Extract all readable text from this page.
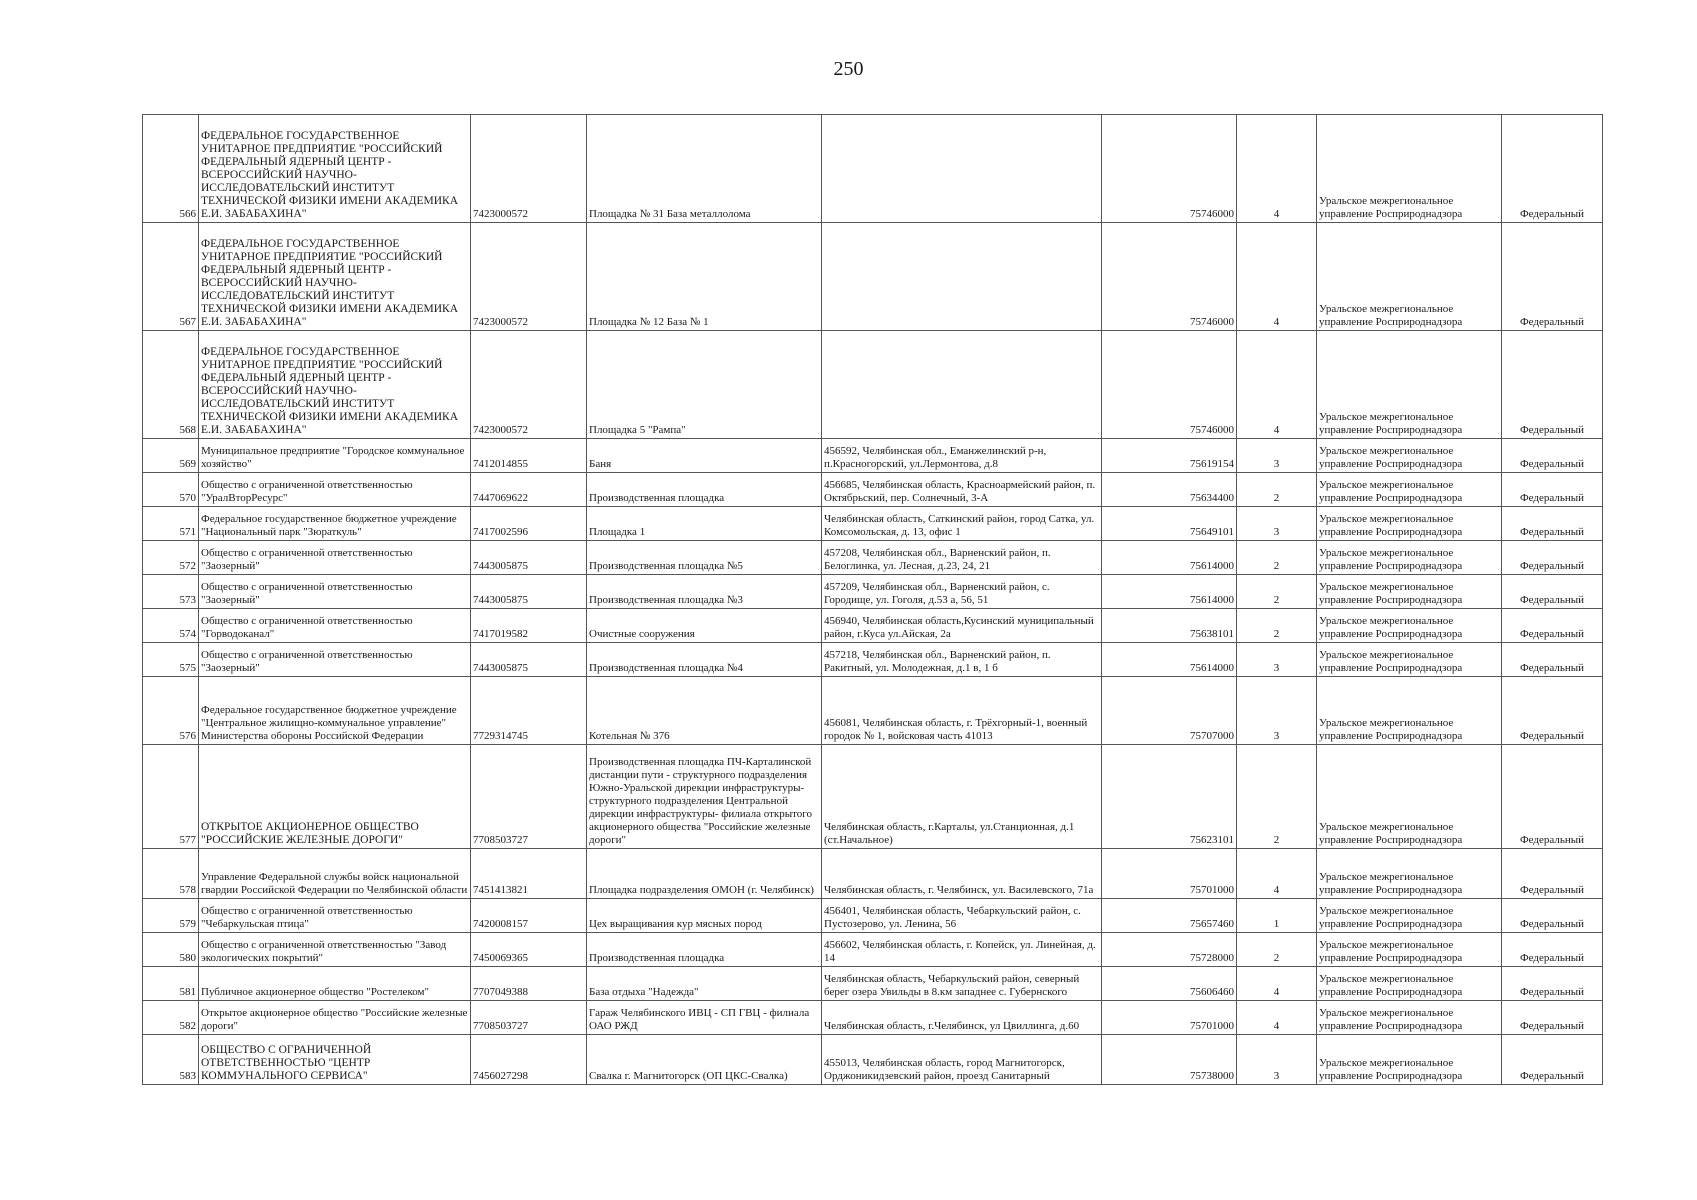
250
566	ФЕДЕРАЛЬНОЕ ГОСУДАРСТВЕННОЕ УНИТАРНОЕ ПРЕДПРИЯТИЕ "РОССИЙСКИЙ ФЕДЕРАЛЬНЫЙ ЯДЕРНЫЙ ЦЕНТР - ВСЕРОССИЙСКИЙ НАУЧНО-ИССЛЕДОВАТЕЛЬСКИЙ ИНСТИТУТ ТЕХНИЧЕСКОЙ ФИЗИКИ ИМЕНИ АКАДЕМИКА Е.И. ЗАБАБАХИНА"	7423000572	Площадка № 31 База металлолома		75746000	4	Уральское межрегиональное управление Росприроднадзора	Федеральный
567	ФЕДЕРАЛЬНОЕ ГОСУДАРСТВЕННОЕ УНИТАРНОЕ ПРЕДПРИЯТИЕ "РОССИЙСКИЙ ФЕДЕРАЛЬНЫЙ ЯДЕРНЫЙ ЦЕНТР - ВСЕРОССИЙСКИЙ НАУЧНО-ИССЛЕДОВАТЕЛЬСКИЙ ИНСТИТУТ ТЕХНИЧЕСКОЙ ФИЗИКИ ИМЕНИ АКАДЕМИКА Е.И. ЗАБАБАХИНА"	7423000572	Площадка № 12 База № 1		75746000	4	Уральское межрегиональное управление Росприроднадзора	Федеральный
568	ФЕДЕРАЛЬНОЕ ГОСУДАРСТВЕННОЕ УНИТАРНОЕ ПРЕДПРИЯТИЕ "РОССИЙСКИЙ ФЕДЕРАЛЬНЫЙ ЯДЕРНЫЙ ЦЕНТР - ВСЕРОССИЙСКИЙ НАУЧНО-ИССЛЕДОВАТЕЛЬСКИЙ ИНСТИТУТ ТЕХНИЧЕСКОЙ ФИЗИКИ ИМЕНИ АКАДЕМИКА Е.И. ЗАБАБАХИНА"	7423000572	Площадка 5 "Рампа"		75746000	4	Уральское межрегиональное управление Росприроднадзора	Федеральный
569	Муниципальное предприятие "Городское коммунальное хозяйство"	7412014855	Баня	456592, Челябинская обл., Еманжелинский р-н, п.Красногорский, ул.Лермонтова, д.8	75619154	3	Уральское межрегиональное управление Росприроднадзора	Федеральный
570	Общество с ограниченной ответственностью "УралВторРесурс"	7447069622	Производственная площадка	456685, Челябинская область, Красноармейский район, п. Октябрьский, пер. Солнечный, 3-А	75634400	2	Уральское межрегиональное управление Росприроднадзора	Федеральный
571	Федеральное государственное бюджетное учреждение "Национальный парк "Зюраткуль"	7417002596	Площадка 1	Челябинская область, Саткинский район, город Сатка, ул. Комсомольская, д. 13, офис 1	75649101	3	Уральское межрегиональное управление Росприроднадзора	Федеральный
572	Общество с ограниченной ответственностью "Заозерный"	7443005875	Производственная площадка №5	457208, Челябинская обл., Варненский район, п. Белоглинка, ул. Лесная, д.23, 24, 21	75614000	2	Уральское межрегиональное управление Росприроднадзора	Федеральный
573	Общество с ограниченной ответственностью "Заозерный"	7443005875	Производственная площадка №3	457209, Челябинская обл., Варненский район, с. Городище, ул. Гоголя, д.53 а, 56, 51	75614000	2	Уральское межрегиональное управление Росприроднадзора	Федеральный
574	Общество с ограниченной ответственностью "Горводоканал"	7417019582	Очистные сооружения	456940, Челябинская область,Кусинский муниципальный район, г.Куса ул.Айская, 2а	75638101	2	Уральское межрегиональное управление Росприроднадзора	Федеральный
575	Общество с ограниченной ответственностью "Заозерный"	7443005875	Производственная площадка №4	457218, Челябинская обл., Варненский район, п. Ракитный, ул. Молодежная, д.1 в, 1 б	75614000	3	Уральское межрегиональное управление Росприроднадзора	Федеральный
576	Федеральное государственное бюджетное учреждение "Центральное жилищно-коммунальное управление" Министерства обороны Российской Федерации	7729314745	Котельная № 376	456081, Челябинская область, г. Трёхгорный-1, военный городок № 1, войсковая часть 41013	75707000	3	Уральское межрегиональное управление Росприроднадзора	Федеральный
577	ОТКРЫТОЕ АКЦИОНЕРНОЕ ОБЩЕСТВО "РОССИЙСКИЕ ЖЕЛЕЗНЫЕ ДОРОГИ"	7708503727	Производственная площадка ПЧ-Карталинской дистанции пути - структурного подразделения Южно-Уральской дирекции инфраструктуры-структурного подразделения Центральной дирекции инфраструктуры- филиала открытого акционерного общества "Российские железные дороги"	Челябинская область, г.Карталы, ул.Станционная, д.1 (ст.Начальное)	75623101	2	Уральское межрегиональное управление Росприроднадзора	Федеральный
578	Управление Федеральной службы войск национальной гвардии Российской Федерации по Челябинской области	7451413821	Площадка подразделения ОМОН (г. Челябинск)	Челябинская область, г. Челябинск, ул. Василевского, 71а	75701000	4	Уральское межрегиональное управление Росприроднадзора	Федеральный
579	Общество с ограниченной ответственностью "Чебаркульская птица"	7420008157	Цех выращивания кур мясных пород	456401, Челябинская область, Чебаркульский район, с. Пустозерово, ул. Ленина, 56	75657460	1	Уральское межрегиональное управление Росприроднадзора	Федеральный
580	Общество с ограниченной ответственностью "Завод экологических покрытий"	7450069365	Производственная площадка	456602, Челябинская область, г. Копейск, ул. Линейная, д. 14	75728000	2	Уральское межрегиональное управление Росприроднадзора	Федеральный
581	Публичное акционерное общество "Ростелеком"	7707049388	База отдыха "Надежда"	Челябинская область, Чебаркульский район, северный берег озера Увильды в 8.км западнее с. Губернского	75606460	4	Уральское межрегиональное управление Росприроднадзора	Федеральный
582	Открытое акционерное общество "Российские железные дороги"	7708503727	Гараж Челябинского ИВЦ - СП ГВЦ - филиала ОАО РЖД	Челябинская область, г.Челябинск, ул Цвиллинга, д.60	75701000	4	Уральское межрегиональное управление Росприроднадзора	Федеральный
583	ОБЩЕСТВО С ОГРАНИЧЕННОЙ ОТВЕТСТВЕННОСТЬЮ "ЦЕНТР КОММУНАЛЬНОГО СЕРВИСА"	7456027298	Свалка г. Магнитогорск (ОП ЦКС-Свалка)	455013, Челябинская область, город Магнитогорск, Орджоникидзевский район, проезд Санитарный	75738000	3	Уральское межрегиональное управление Росприроднадзора	Федеральный
